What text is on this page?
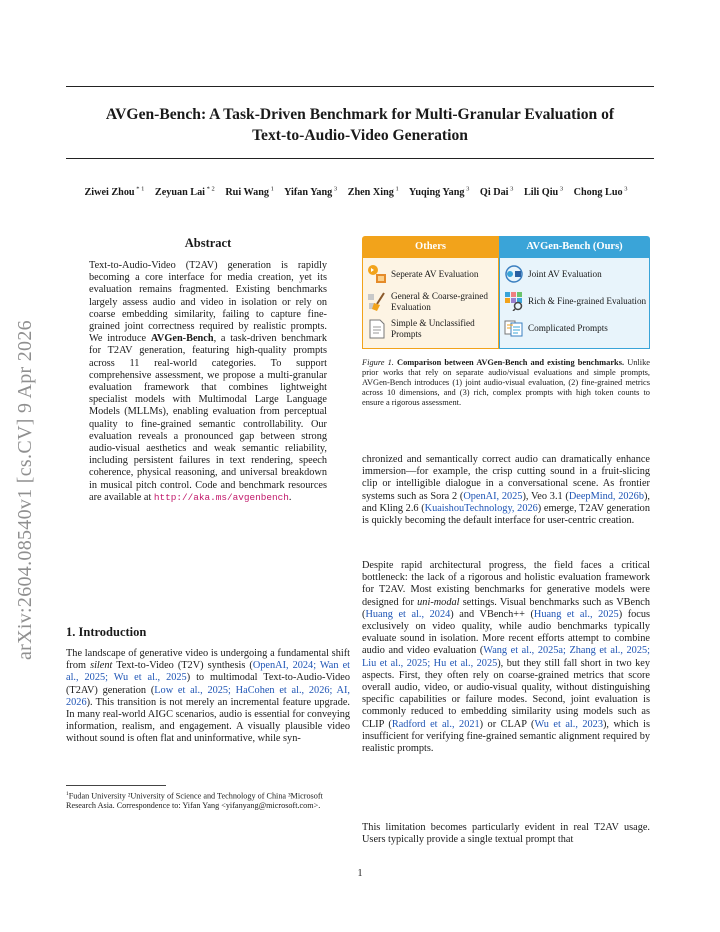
AVGen-Bench: A Task-Driven Benchmark for Multi-Granular Evaluation of
Text-to-Audio-Video Generation
Ziwei Zhou $^{* 1}$ Zeyuan Lai $^{* 2}$ Rui Wang $^1$ Yifan Yang $^3$ Zhen Xing $^1$ Yuqing Yang $^3$ Qi Dai $^3$ Lili Qiu $^3$ Chong Luo $^3$
arXiv:2604.08540v1 [cs.CV] 9 Apr 2026
Abstract
Text-to-Audio-Video (T2AV) generation is rapidly becoming a core interface for media creation, yet its evaluation remains fragmented. Existing benchmarks largely assess audio and video in isolation or rely on coarse embedding similarity, failing to capture fine-grained joint correctness required by realistic prompts. We introduce AVGen-Bench, a task-driven benchmark for T2AV generation, featuring high-quality prompts across 11 real-world categories. To support comprehensive assessment, we propose a multi-granular evaluation framework that combines lightweight specialist models with Multimodal Large Language Models (MLLMs), enabling evaluation from perceptual quality to fine-grained semantic controllability. Our evaluation reveals a pronounced gap between strong audio-visual aesthetics and weak semantic reliability, including persistent failures in text rendering, speech coherence, physical reasoning, and universal breakdown in musical pitch control. Code and benchmark resources are available at http://aka.ms/avgenbench.
1. Introduction
The landscape of generative video is undergoing a fundamental shift from silent Text-to-Video (T2V) synthesis (OpenAI, 2024; Wan et al., 2025; Wu et al., 2025) to multimodal Text-to-Audio-Video (T2AV) generation (Low et al., 2025; HaCohen et al., 2026; AI, 2026). This transition is not merely an incremental feature upgrade. In many real-world AIGC scenarios, audio is essential for conveying information, realism, and engagement. A visually plausible video without sound is often flat and uninformative, while syn-
$^1$Fudan University ²University of Science and Technology of China ³Microsoft Research Asia. Correspondence to: Yifan Yang <yifanyang@microsoft.com>.
Others	AVGen-Bench (Ours)
Seperate AV Evaluation
General & Coarse-grained Evaluation
Simple & Unclassified Prompts
Joint AV Evaluation
Rich & Fine-grained Evaluation
Complicated Prompts
Figure 1. Comparison between AVGen-Bench and existing benchmarks. Unlike prior works that rely on separate audio/visual evaluations and simple prompts, AVGen-Bench introduces (1) joint audio-visual evaluation, (2) fine-grained metrics across 10 dimensions, and (3) rich, complex prompts with high token counts to ensure a rigorous assessment.
chronized and semantically correct audio can dramatically enhance immersion—for example, the crisp cutting sound in a fruit-slicing clip or intelligible dialogue in a conversational scene. As frontier systems such as Sora 2 (OpenAI, 2025), Veo 3.1 (DeepMind, 2026b), and Kling 2.6 (KuaishouTechnology, 2026) emerge, T2AV generation is quickly becoming the default interface for user-centric creation.
Despite rapid architectural progress, the field faces a critical bottleneck: the lack of a rigorous and holistic evaluation framework for T2AV. Most existing benchmarks for generative models were designed for uni-modal settings. Visual benchmarks such as VBench (Huang et al., 2024) and VBench++ (Huang et al., 2025) focus exclusively on video quality, while audio benchmarks typically evaluate sound in isolation. More recent efforts attempt to combine audio and video evaluation (Wang et al., 2025a; Zhang et al., 2025; Liu et al., 2025; Hu et al., 2025), but they still fall short in two key aspects. First, they often rely on coarse-grained metrics that score overall audio, video, or audio-visual quality, without distinguishing specific capabilities or failure modes. Second, joint evaluation is commonly reduced to embedding similarity using models such as CLIP (Radford et al., 2021) or CLAP (Wu et al., 2023), which is insufficient for verifying fine-grained semantic alignment required by realistic prompts.
This limitation becomes particularly evident in real T2AV usage. Users typically provide a single textual prompt that
1
